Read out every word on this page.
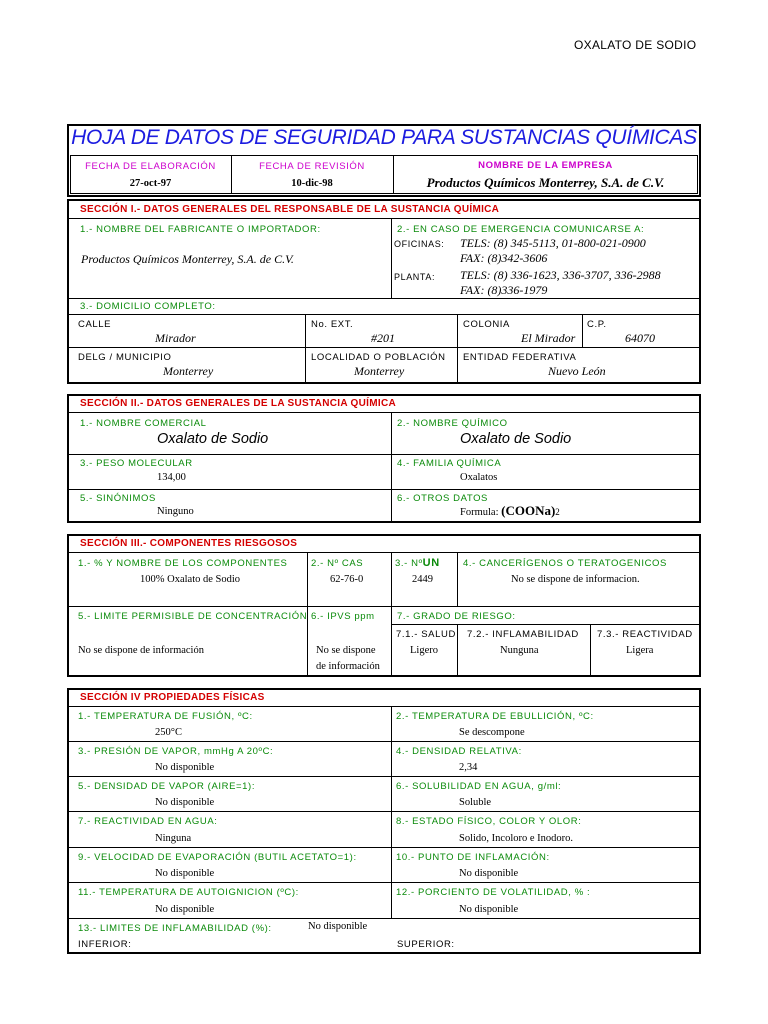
OXALATO DE SODIO
HOJA DE DATOS DE SEGURIDAD PARA SUSTANCIAS QUÍMICAS
FECHA DE ELABORACIÓN
27-oct-97
FECHA DE REVISIÓN
10-dic-98
NOMBRE DE LA EMPRESA
Productos Químicos Monterrey, S.A. de C.V.
SECCIÓN I.- DATOS GENERALES DEL RESPONSABLE DE LA SUSTANCIA QUÍMICA
1.- NOMBRE DEL FABRICANTE O IMPORTADOR:
Productos Químicos Monterrey, S.A. de C.V.
2.- EN CASO DE EMERGENCIA COMUNICARSE A:
OFICINAS: TELS: (8) 345-5113, 01-800-021-0900
FAX: (8)342-3606
PLANTA: TELS: (8) 336-1623, 336-3707, 336-2988
FAX: (8)336-1979
3.- DOMICILIO COMPLETO:
CALLE
Mirador
No. EXT.
#201
COLONIA
El Mirador
C.P.
64070
DELG / MUNICIPIO
Monterrey
LOCALIDAD O POBLACIÓN
Monterrey
ENTIDAD FEDERATIVA
Nuevo León
SECCIÓN II.- DATOS GENERALES DE LA SUSTANCIA QUÍMICA
1.- NOMBRE COMERCIAL
Oxalato de Sodio
2.- NOMBRE QUÍMICO
Oxalato de Sodio
3.- PESO MOLECULAR
134,00
4.- FAMILIA QUÍMICA
Oxalatos
5.- SINÓNIMOS
Ninguno
6.- OTROS DATOS
Formula: (COONa)2
SECCIÓN III.- COMPONENTES RIESGOSOS
1.- % Y NOMBRE DE LOS COMPONENTES
100% Oxalato de Sodio
2.- Nº CAS
62-76-0
3.- NºUN
2449
4.- CANCERÍGENOS O TERATOGENICOS
No se dispone de informacion.
5.- LIMITE PERMISIBLE DE CONCENTRACIÓN
No se dispone de información
6.- IPVS ppm
No se dispone
de información
7.- GRADO DE RIESGO:
7.1.- SALUD
Ligero
7.2.- INFLAMABILIDAD
Nunguna
7.3.- REACTIVIDAD
Ligera
SECCIÓN IV PROPIEDADES FÍSICAS
1.- TEMPERATURA DE FUSIÓN, ºC:
250°C
2.- TEMPERATURA DE EBULLICIÓN, ºC:
Se descompone
3.- PRESIÓN DE VAPOR, mmHg A 20ºC:
No disponible
4.- DENSIDAD RELATIVA:
2,34
5.- DENSIDAD DE VAPOR (AIRE=1):
No disponible
6.- SOLUBILIDAD EN AGUA, g/ml:
Soluble
7.- REACTIVIDAD EN AGUA:
Ninguna
8.- ESTADO FÍSICO, COLOR Y OLOR:
Solido, Incoloro e Inodoro.
9.- VELOCIDAD DE EVAPORACIÓN (BUTIL ACETATO=1):
No disponible
10.- PUNTO DE INFLAMACIÓN:
No disponible
11.- TEMPERATURA DE AUTOIGNICION (ºC):
No disponible
12.- PORCIENTO DE VOLATILIDAD, % :
No disponible
13.- LIMITES DE INFLAMABILIDAD (%):	No disponible
INFERIOR:	SUPERIOR:
